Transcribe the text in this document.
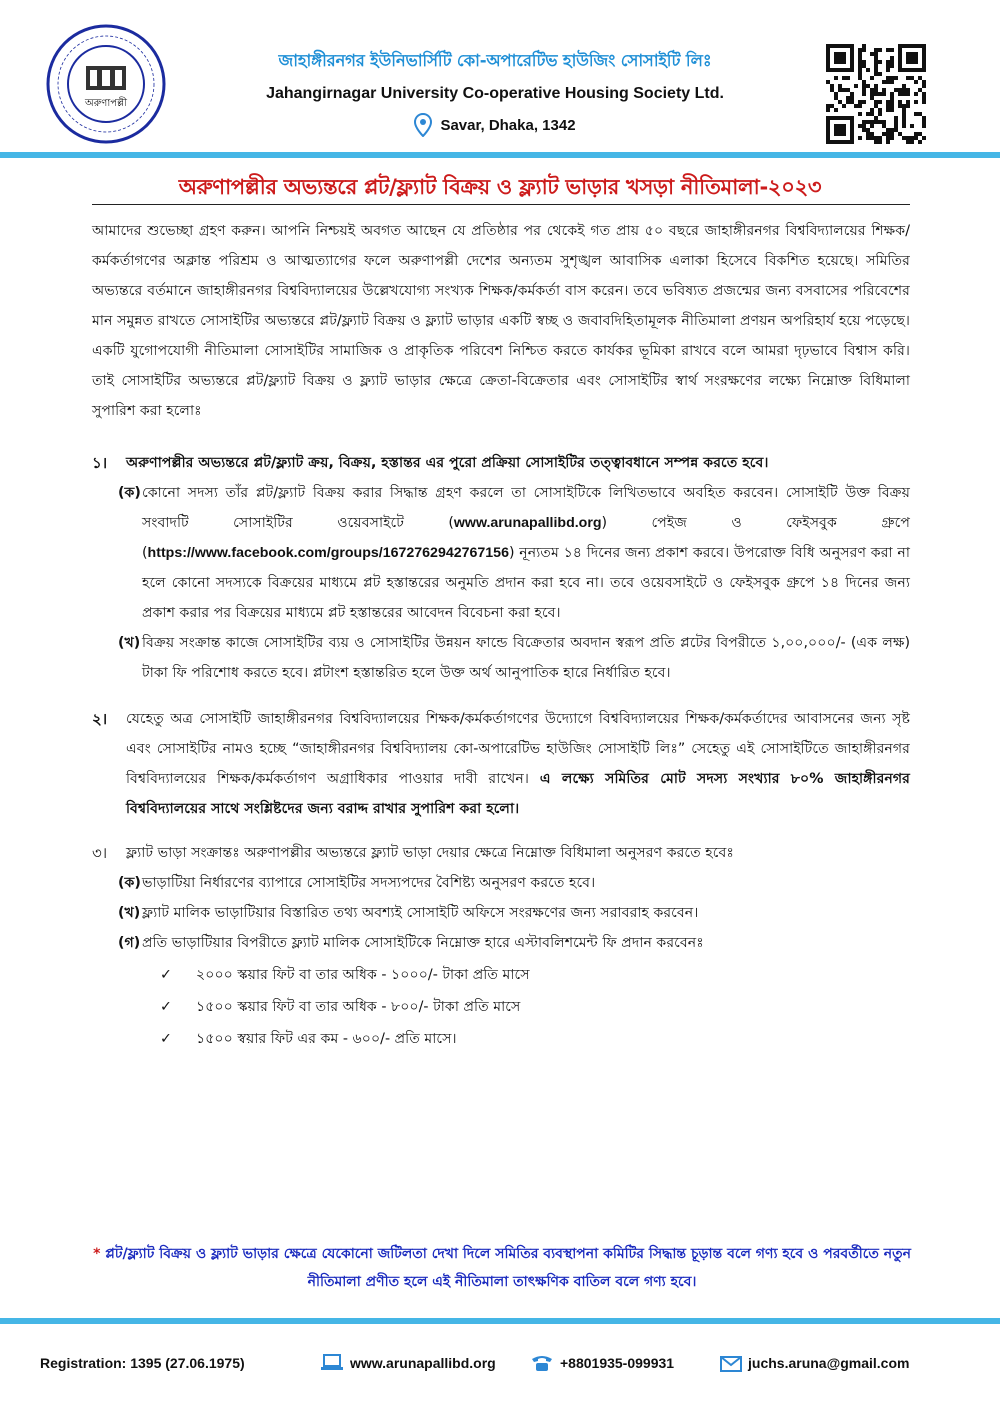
অরুণাপল্লী
জাহাঙ্গীরনগর ইউনিভার্সিটি কো-অপারেটিভ হাউজিং সোসাইটি লিঃ
Jahangirnagar University Co-operative Housing Society Ltd.
Savar, Dhaka, 1342
অরুণাপল্লীর অভ্যন্তরে প্লট/ফ্ল্যাট বিক্রয় ও ফ্ল্যাট ভাড়ার খসড়া নীতিমালা-২০২৩

আমাদের শুভেচ্ছা গ্রহণ করুন। আপনি নিশ্চয়ই অবগত আছেন যে প্রতিষ্ঠার পর থেকেই গত প্রায় ৫০ বছরে জাহাঙ্গীরনগর বিশ্ববিদ্যালয়ের শিক্ষক/কর্মকর্তাগণের অক্লান্ত পরিশ্রম ও আত্মত্যাগের ফলে অরুণাপল্লী দেশের অন্যতম সুশৃঙ্খল আবাসিক এলাকা হিসেবে বিকশিত হয়েছে। সমিতির অভ্যন্তরে বর্তমানে জাহাঙ্গীরনগর বিশ্ববিদ্যালয়ের উল্লেখযোগ্য সংখ্যক শিক্ষক/কর্মকর্তা বাস করেন। তবে ভবিষ্যত প্রজন্মের জন্য বসবাসের পরিবেশের মান সমুন্নত রাখতে সোসাইটির অভ্যন্তরে প্লট/ফ্ল্যাট বিক্রয় ও ফ্ল্যাট ভাড়ার একটি স্বচ্ছ ও জবাবদিহিতামূলক নীতিমালা প্রণয়ন অপরিহার্য হয়ে পড়েছে। একটি যুগোপযোগী নীতিমালা সোসাইটির সামাজিক ও প্রাকৃতিক পরিবেশ নিশ্চিত করতে কার্যকর ভূমিকা রাখবে বলে আমরা দৃঢ়ভাবে বিশ্বাস করি। তাই সোসাইটির অভ্যন্তরে প্লট/ফ্ল্যাট বিক্রয় ও ফ্ল্যাট ভাড়ার ক্ষেত্রে ক্রেতা-বিক্রেতার এবং সোসাইটির স্বার্থ সংরক্ষণের লক্ষ্যে নিম্নোক্ত বিধিমালা সুপারিশ করা হলোঃ

১।	অরুণাপল্লীর অভ্যন্তরে প্লট/ফ্ল্যাট ক্রয়, বিক্রয়, হস্তান্তর এর পুরো প্রক্রিয়া সোসাইটির তত্ত্বাবধানে সম্পন্ন করতে হবে।
(ক) কোনো সদস্য তাঁর প্লট/ফ্ল্যাট বিক্রয় করার সিদ্ধান্ত গ্রহণ করলে তা সোসাইটিকে লিখিতভাবে অবহিত করবেন। সোসাইটি উক্ত বিক্রয় সংবাদটি সোসাইটির ওয়েবসাইটে (www.arunapallibd.org) পেইজ ও ফেইসবুক গ্রুপে (https://www.facebook.com/groups/1672762942767156) নূন্যতম ১৪ দিনের জন্য প্রকাশ করবে। উপরোক্ত বিধি অনুসরণ করা না হলে কোনো সদস্যকে বিক্রয়ের মাধ্যমে প্লট হস্তান্তরের অনুমতি প্রদান করা হবে না। তবে ওয়েবসাইটে ও ফেইসবুক গ্রুপে ১৪ দিনের জন্য প্রকাশ করার পর বিক্রয়ের মাধ্যমে প্লট হস্তান্তরের আবেদন বিবেচনা করা হবে।
(খ) বিক্রয় সংক্রান্ত কাজে সোসাইটির ব্যয় ও সোসাইটির উন্নয়ন ফান্ডে বিক্রেতার অবদান স্বরূপ প্রতি প্লটের বিপরীতে ১,০০,০০০/- (এক লক্ষ) টাকা ফি পরিশোধ করতে হবে। প্লটাংশ হস্তান্তরিত হলে উক্ত অর্থ আনুপাতিক হারে নির্ধারিত হবে।
২।	যেহেতু অত্র সোসাইটি জাহাঙ্গীরনগর বিশ্ববিদ্যালয়ের শিক্ষক/কর্মকর্তাগণের উদ্যোগে বিশ্ববিদ্যালয়ের শিক্ষক/কর্মকর্তাদের আবাসনের জন্য সৃষ্ট এবং সোসাইটির নামও হচ্ছে “জাহাঙ্গীরনগর বিশ্ববিদ্যালয় কো-অপারেটিভ হাউজিং সোসাইটি লিঃ” সেহেতু এই সোসাইটিতে জাহাঙ্গীরনগর বিশ্ববিদ্যালয়ের শিক্ষক/কর্মকর্তাগণ অগ্রাধিকার পাওয়ার দাবী রাখেন। এ লক্ষ্যে সমিতির মোট সদস্য সংখ্যার ৮০% জাহাঙ্গীরনগর বিশ্ববিদ্যালয়ের সাথে সংশ্লিষ্টদের জন্য বরাদ্দ রাখার সুপারিশ করা হলো।
৩।	ফ্ল্যাট ভাড়া সংক্রান্তঃ অরুণাপল্লীর অভ্যন্তরে ফ্ল্যাট ভাড়া দেয়ার ক্ষেত্রে নিম্নোক্ত বিধিমালা অনুসরণ করতে হবেঃ
(ক) ভাড়াটিয়া নির্ধারণের ব্যাপারে সোসাইটির সদস্যপদের বৈশিষ্ট্য অনুসরণ করতে হবে।
(খ) ফ্ল্যাট মালিক ভাড়াটিয়ার বিস্তারিত তথ্য অবশ্যই সোসাইটি অফিসে সংরক্ষণের জন্য সরাবরাহ করবেন।
(গ) প্রতি ভাড়াটিয়ার বিপরীতে ফ্ল্যাট মালিক সোসাইটিকে নিম্নোক্ত হারে এস্টাবলিশমেন্ট ফি প্রদান করবেনঃ
✓	২০০০ স্কয়ার ফিট বা তার অধিক - ১০০০/- টাকা প্রতি মাসে
✓	১৫০০ স্কয়ার ফিট বা তার অধিক - ৮০০/- টাকা প্রতি মাসে
✓	১৫০০ স্বয়ার ফিট এর কম - ৬০০/- প্রতি মাসে।
* প্লট/ফ্ল্যাট বিক্রয় ও ফ্ল্যাট ভাড়ার ক্ষেত্রে যেকোনো জটিলতা দেখা দিলে সমিতির ব্যবস্থাপনা কমিটির সিদ্ধান্ত চূড়ান্ত বলে গণ্য হবে ও পরবর্তীতে নতুন নীতিমালা প্রণীত হলে এই নীতিমালা তাৎক্ষণিক বাতিল বলে গণ্য হবে।
Registration: 1395 (27.06.1975)	www.arunapallibd.org	+8801935-099931	juchs.aruna@gmail.com
